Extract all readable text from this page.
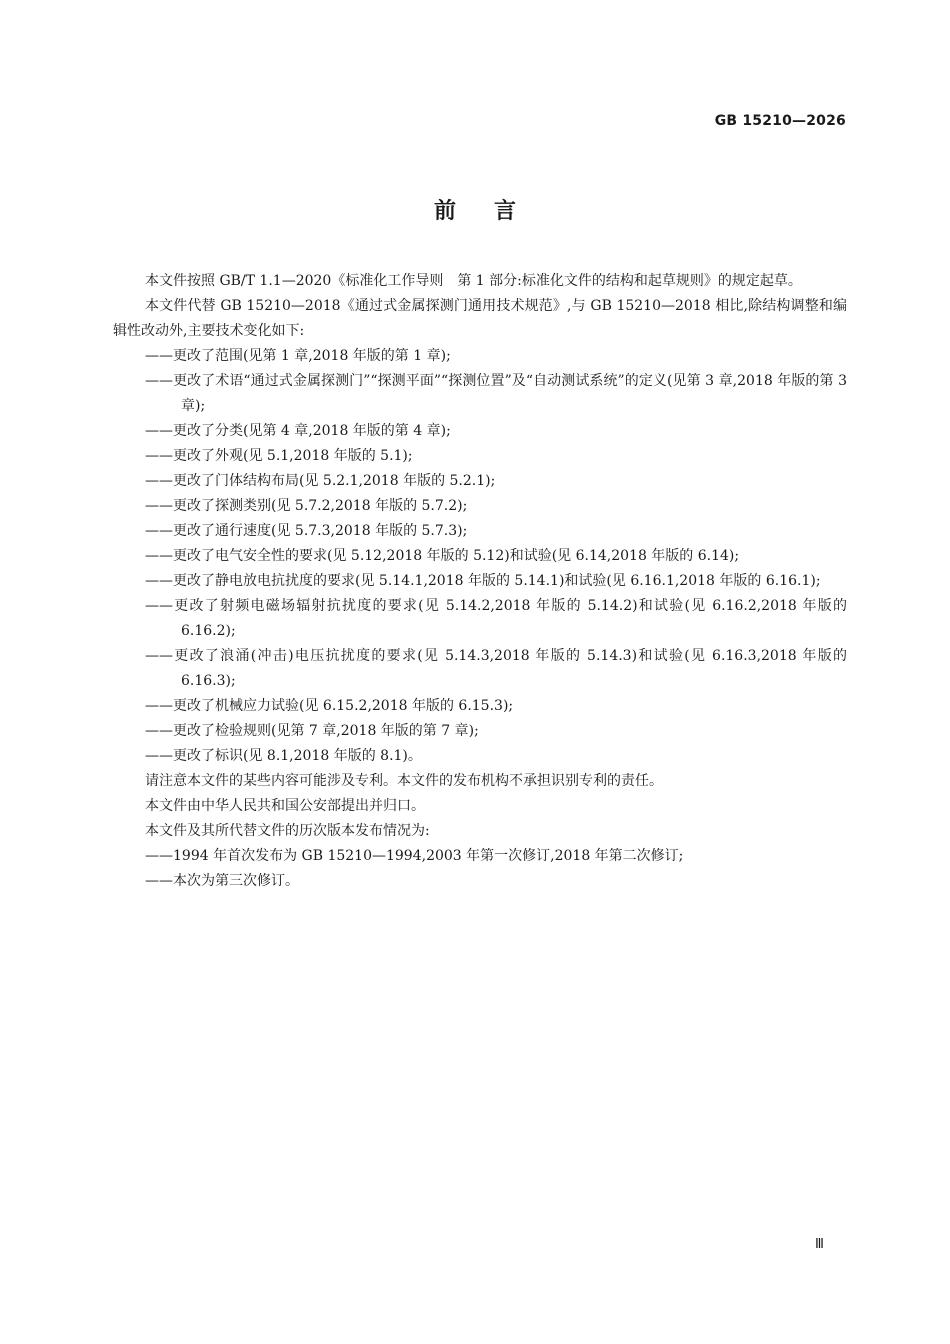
GB 15210—2026
前言

本文件按照 GB/T 1.1—2020《标准化工作导则　第 1 部分:标准化文件的结构和起草规则》的规定起草。

本文件代替 GB 15210—2018《通过式金属探测门通用技术规范》,与 GB 15210—2018 相比,除结构调整和编辑性改动外,主要技术变化如下:

——更改了范围(见第 1 章,2018 年版的第 1 章);

——更改了术语“通过式金属探测门”“探测平面”“探测位置”及“自动测试系统”的定义(见第 3 章,2018 年版的第 3 章);

——更改了分类(见第 4 章,2018 年版的第 4 章);

——更改了外观(见 5.1,2018 年版的 5.1);

——更改了门体结构布局(见 5.2.1,2018 年版的 5.2.1);

——更改了探测类别(见 5.7.2,2018 年版的 5.7.2);

——更改了通行速度(见 5.7.3,2018 年版的 5.7.3);

——更改了电气安全性的要求(见 5.12,2018 年版的 5.12)和试验(见 6.14,2018 年版的 6.14);

——更改了静电放电抗扰度的要求(见 5.14.1,2018 年版的 5.14.1)和试验(见 6.16.1,2018 年版的 6.16.1);

——更改了射频电磁场辐射抗扰度的要求(见 5.14.2,2018 年版的 5.14.2)和试验(见 6.16.2,2018 年版的 6.16.2);

——更改了浪涌(冲击)电压抗扰度的要求(见 5.14.3,2018 年版的 5.14.3)和试验(见 6.16.3,2018 年版的 6.16.3);

——更改了机械应力试验(见 6.15.2,2018 年版的 6.15.3);

——更改了检验规则(见第 7 章,2018 年版的第 7 章);

——更改了标识(见 8.1,2018 年版的 8.1)。

请注意本文件的某些内容可能涉及专利。本文件的发布机构不承担识别专利的责任。

本文件由中华人民共和国公安部提出并归口。

本文件及其所代替文件的历次版本发布情况为:

——1994 年首次发布为 GB 15210—1994,2003 年第一次修订,2018 年第二次修订;

——本次为第三次修订。

Ⅲ
